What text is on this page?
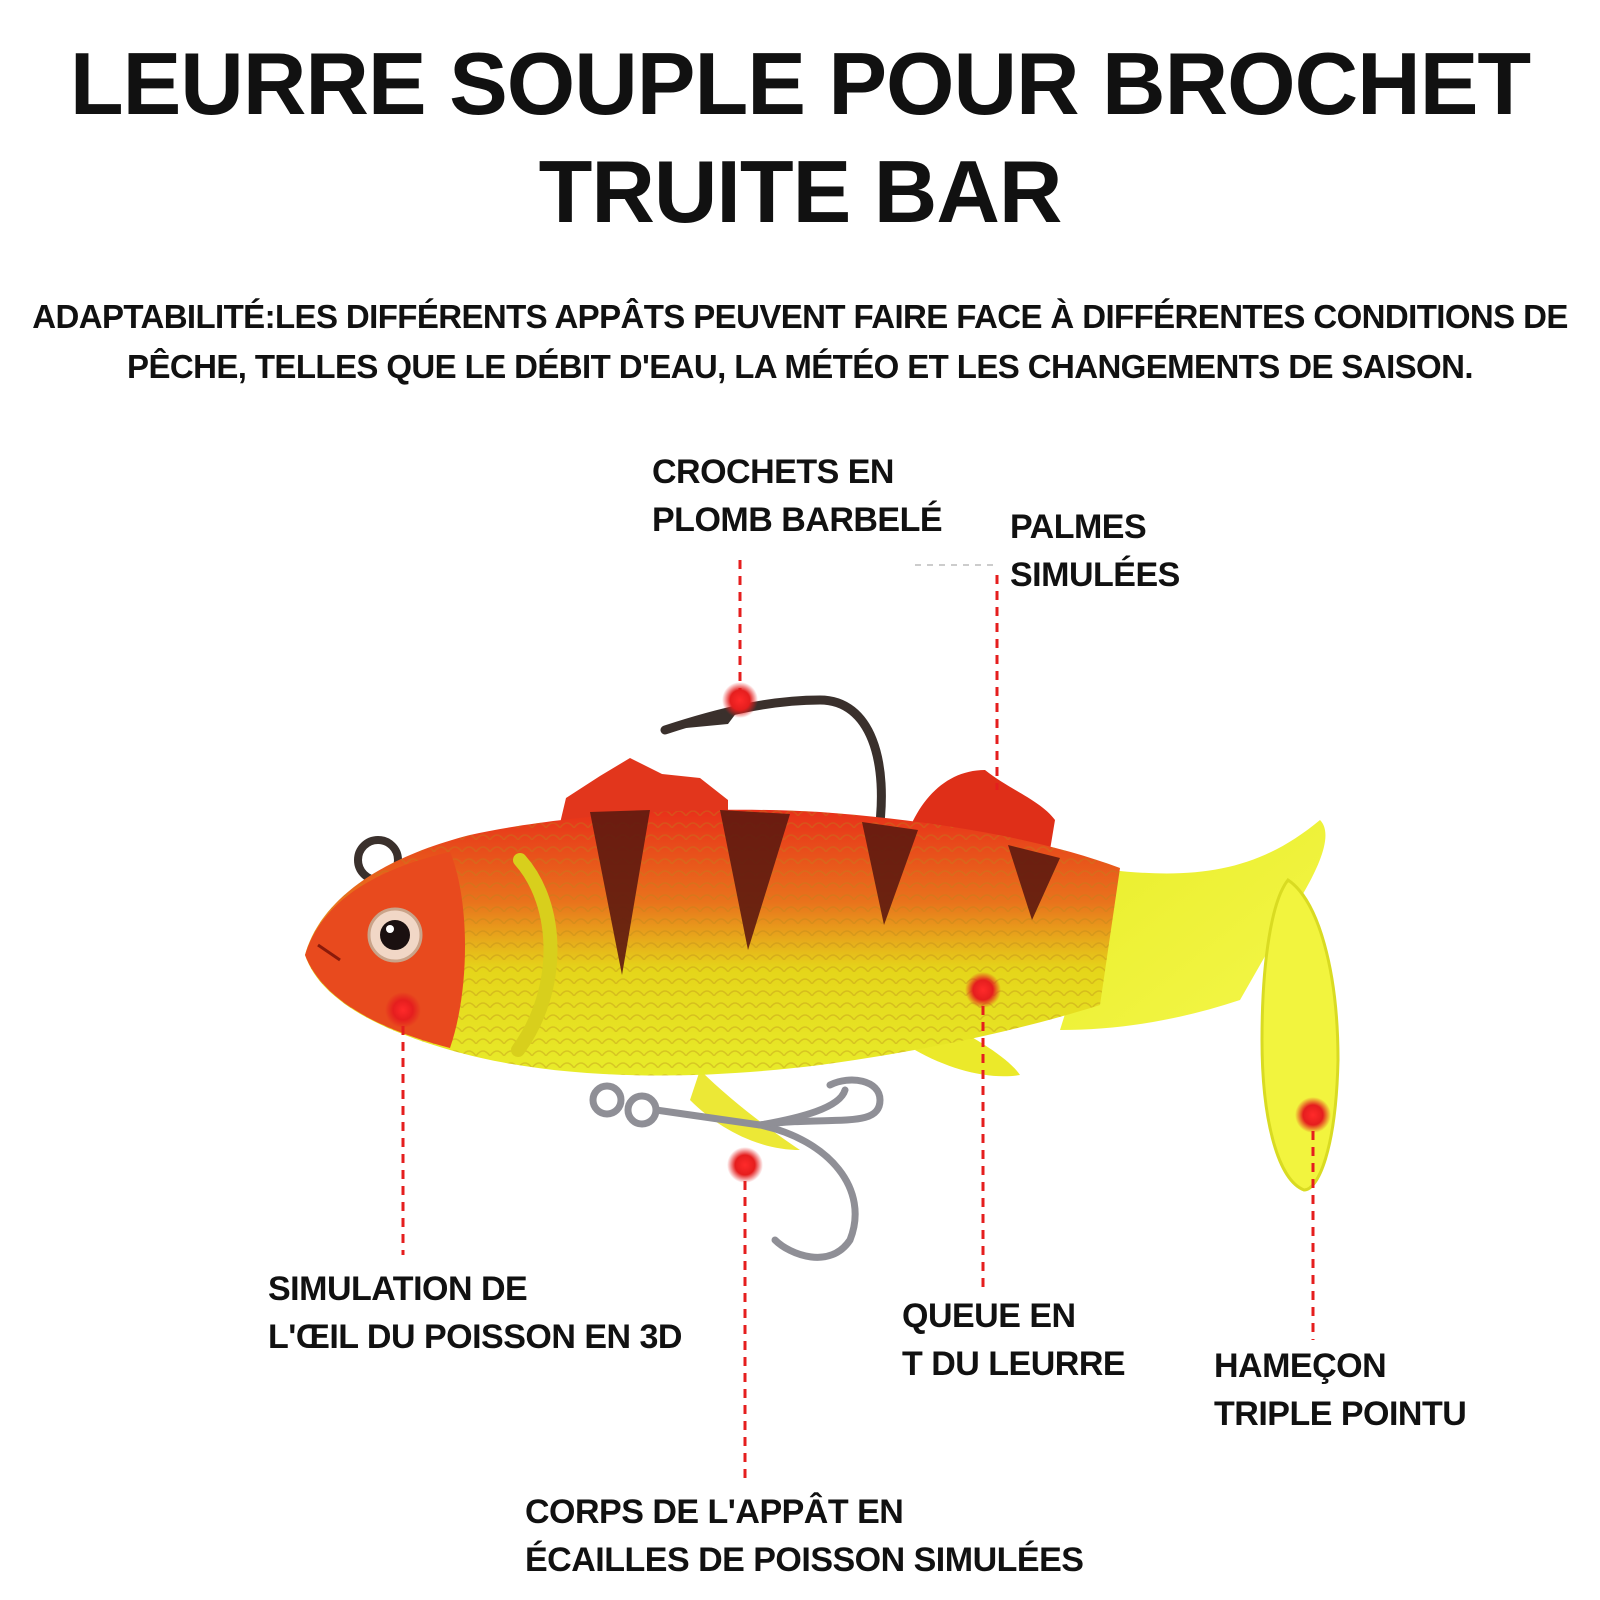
LEURRE SOUPLE POUR BROCHET
TRUITE BAR
ADAPTABILITÉ:LES DIFFÉRENTS APPÂTS PEUVENT FAIRE FACE À DIFFÉRENTES CONDITIONS DE
PÊCHE, TELLES QUE LE DÉBIT D'EAU, LA MÉTÉO ET LES CHANGEMENTS DE SAISON.
CROCHETS EN
PLOMB BARBELÉ PALMES
SIMULÉES
SIMULATION DE
L'ŒIL DU POISSON EN 3D
QUEUE EN
T DU LEURRE	HAMEÇON
TRIPLE POINTU
CORPS DE L'APPÂT EN
ÉCAILLES DE POISSON SIMULÉES
